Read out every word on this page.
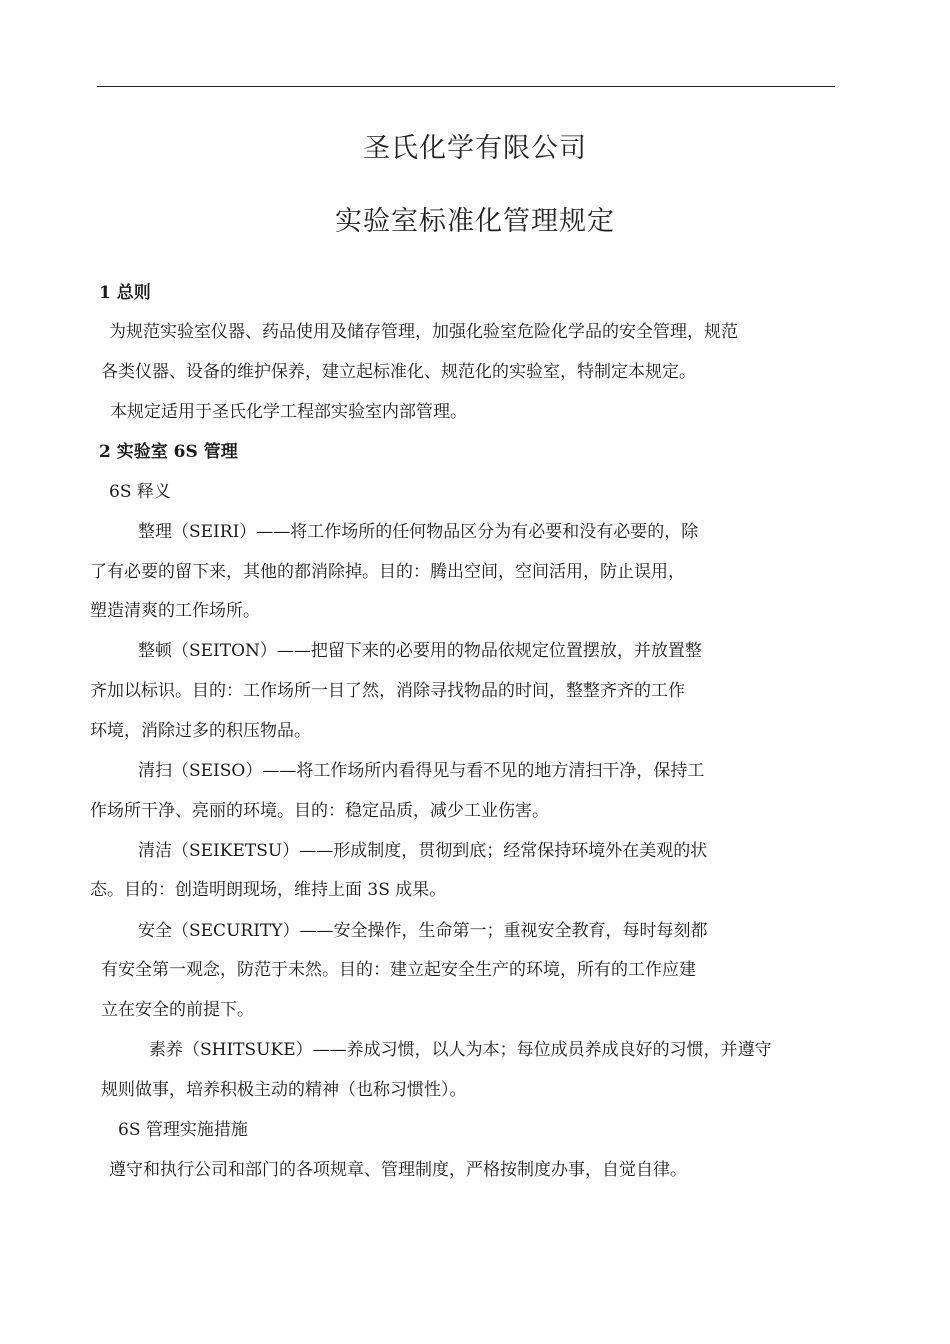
圣氏化学有限公司
实验室标准化管理规定
1 总则
为规范实验室仪器、药品使用及储存管理，加强化验室危险化学品的安全管理，规范
各类仪器、设备的维护保养，建立起标准化、规范化的实验室，特制定本规定。
本规定适用于圣氏化学工程部实验室内部管理。
2 实验室 6S 管理
6S 释义
整理（SEIRI）——将工作场所的任何物品区分为有必要和没有必要的，除
了有必要的留下来，其他的都消除掉。目的：腾出空间，空间活用，防止误用，
塑造清爽的工作场所。
整顿（SEITON）——把留下来的必要用的物品依规定位置摆放，并放置整
齐加以标识。目的：工作场所一目了然，消除寻找物品的时间，整整齐齐的工作
环境，消除过多的积压物品。
清扫（SEISO）——将工作场所内看得见与看不见的地方清扫干净，保持工
作场所干净、亮丽的环境。目的：稳定品质，减少工业伤害。
清洁（SEIKETSU）——形成制度，贯彻到底；经常保持环境外在美观的状
态。目的：创造明朗现场，维持上面 3S 成果。
安全（SECURITY）——安全操作，生命第一；重视安全教育，每时每刻都
有安全第一观念，防范于未然。目的：建立起安全生产的环境，所有的工作应建
立在安全的前提下。
素养（SHITSUKE）——养成习惯，以人为本；每位成员养成良好的习惯，并遵守
规则做事，培养积极主动的精神（也称习惯性）。
6S 管理实施措施
遵守和执行公司和部门的各项规章、管理制度，严格按制度办事，自觉自律。
